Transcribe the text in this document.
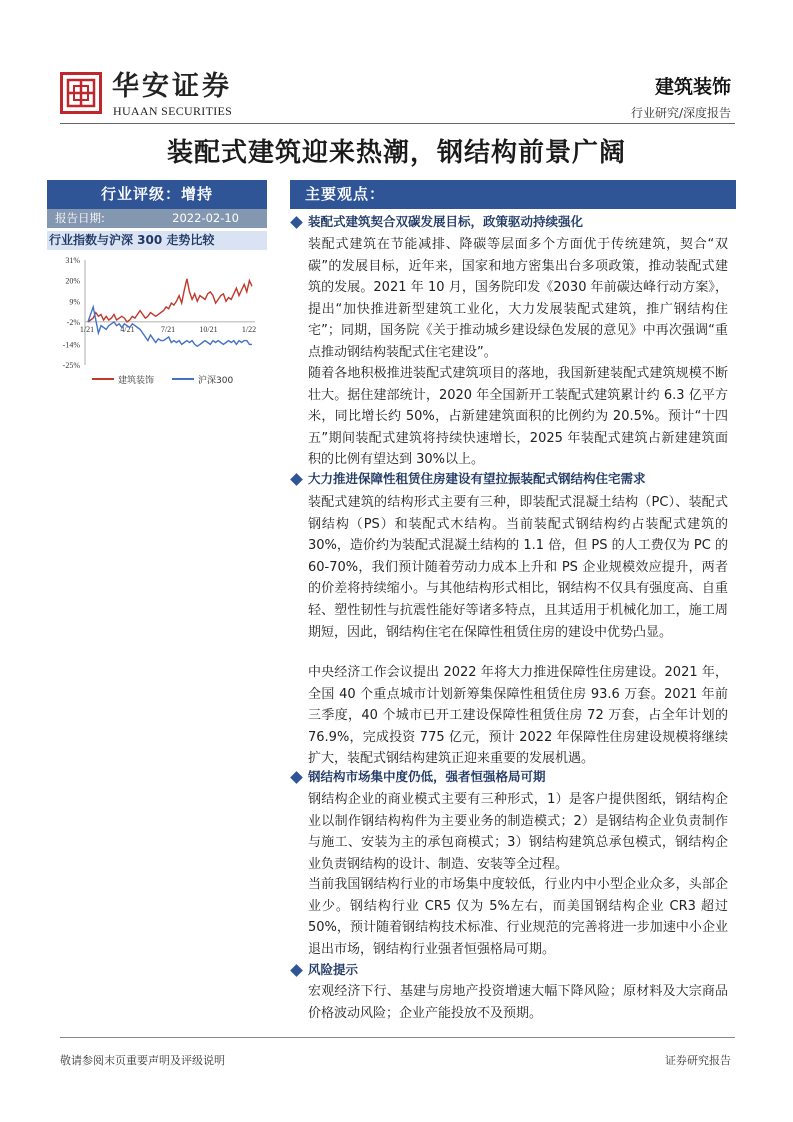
华安证券
HUAAN SECURITIES
建筑装饰
行业研究/深度报告
装配式建筑迎来热潮，钢结构前景广阔
行业评级：增持
报告日期:	2022-02-10
行业指数与沪深 300 走势比较
31%
20%
9%
-2%
-14%
-25%
1/21	4/21	7/21	10/21	1/22
建筑装饰	沪深300
主要观点：
装配式建筑契合双碳发展目标，政策驱动持续强化
装配式建筑在节能减排、降碳等层面多个方面优于传统建筑，契合“双碳”的发展目标，近年来，国家和地方密集出台多项政策，推动装配式建筑的发展。2021 年 10 月，国务院印发《2030 年前碳达峰行动方案》，提出“加快推进新型建筑工业化，大力发展装配式建筑，推广钢结构住宅”；同期，国务院《关于推动城乡建设绿色发展的意见》中再次强调“重点推动钢结构装配式住宅建设”。
随着各地积极推进装配式建筑项目的落地，我国新建装配式建筑规模不断壮大。据住建部统计，2020 年全国新开工装配式建筑累计约 6.3 亿平方米，同比增长约 50%，占新建建筑面积的比例约为 20.5%。预计“十四五”期间装配式建筑将持续快速增长，2025 年装配式建筑占新建建筑面积的比例有望达到 30%以上。
大力推进保障性租赁住房建设有望拉振装配式钢结构住宅需求
装配式建筑的结构形式主要有三种，即装配式混凝土结构（PC）、装配式钢结构（PS）和装配式木结构。当前装配式钢结构约占装配式建筑的 30%，造价约为装配式混凝土结构的 1.1 倍，但 PS 的人工费仅为 PC 的 60-70%，我们预计随着劳动力成本上升和 PS 企业规模效应提升，两者的价差将持续缩小。与其他结构形式相比，钢结构不仅具有强度高、自重轻、塑性韧性与抗震性能好等诸多特点，且其适用于机械化加工，施工周期短，因此，钢结构住宅在保障性租赁住房的建设中优势凸显。
中央经济工作会议提出 2022 年将大力推进保障性住房建设。2021 年，全国 40 个重点城市计划新筹集保障性租赁住房 93.6 万套。2021 年前三季度，40 个城市已开工建设保障性租赁住房 72 万套，占全年计划的 76.9%，完成投资 775 亿元，预计 2022 年保障性住房建设规模将继续扩大，装配式钢结构建筑正迎来重要的发展机遇。
钢结构市场集中度仍低，强者恒强格局可期
钢结构企业的商业模式主要有三种形式，1）是客户提供图纸，钢结构企业以制作钢结构构件为主要业务的制造模式；2）是钢结构企业负责制作与施工、安装为主的承包商模式；3）钢结构建筑总承包模式，钢结构企业负责钢结构的设计、制造、安装等全过程。
当前我国钢结构行业的市场集中度较低，行业内中小型企业众多，头部企业少。钢结构行业 CR5 仅为 5%左右，而美国钢结构企业 CR3 超过 50%，预计随着钢结构技术标准、行业规范的完善将进一步加速中小企业退出市场，钢结构行业强者恒强格局可期。
风险提示
宏观经济下行、基建与房地产投资增速大幅下降风险；原材料及大宗商品价格波动风险；企业产能投放不及预期。
敬请参阅末页重要声明及评级说明	证券研究报告
